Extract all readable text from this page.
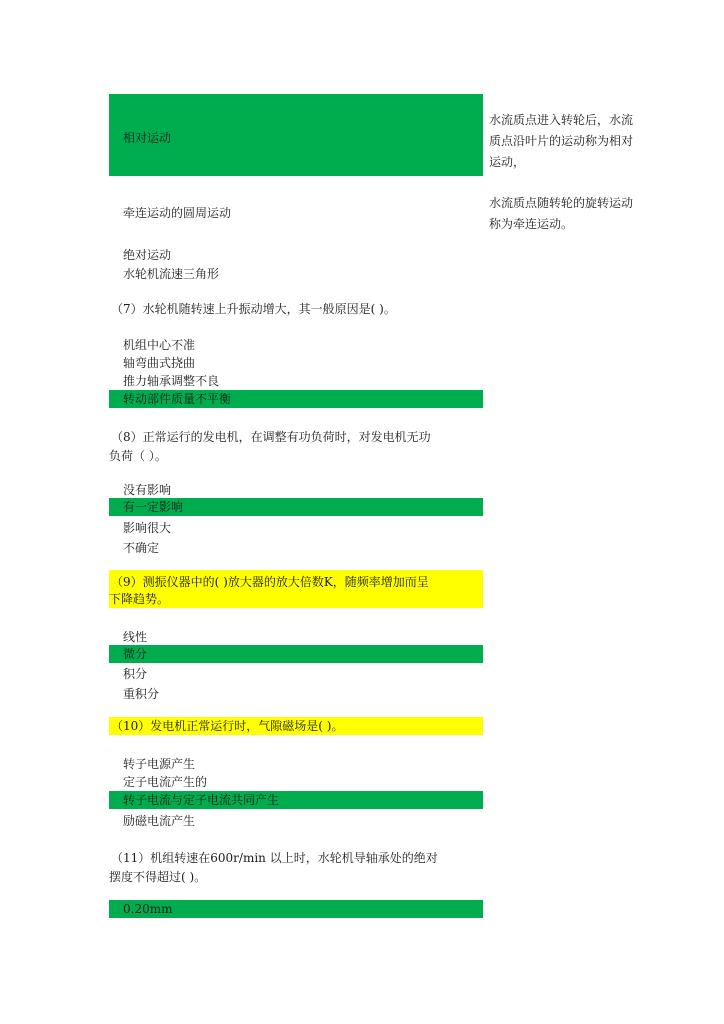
相对运动
牵连运动的圆周运动
绝对运动
水轮机流速三角形
水流质点进入转轮后，水流质点沿叶片的运动称为相对运动，
水流质点随转轮的旋转运动称为牵连运动。
（7）水轮机随转速上升振动增大，其一般原因是( )。
机组中心不准
轴弯曲式挠曲
推力轴承调整不良
转动部件质量不平衡
（8）正常运行的发电机，在调整有功负荷时，对发电机无功
负荷（ ）。
没有影响
有一定影响
影响很大
不确定
（9）测振仪器中的( )放大器的放大倍数K，随频率增加而呈
下降趋势。
线性
微分
积分
重积分
（10）发电机正常运行时，气隙磁场是( )。
转子电源产生
定子电流产生的
转子电流与定子电流共同产生
励磁电流产生
（11）机组转速在600r/min 以上时，水轮机导轴承处的绝对
摆度不得超过( )。
0.20mm
